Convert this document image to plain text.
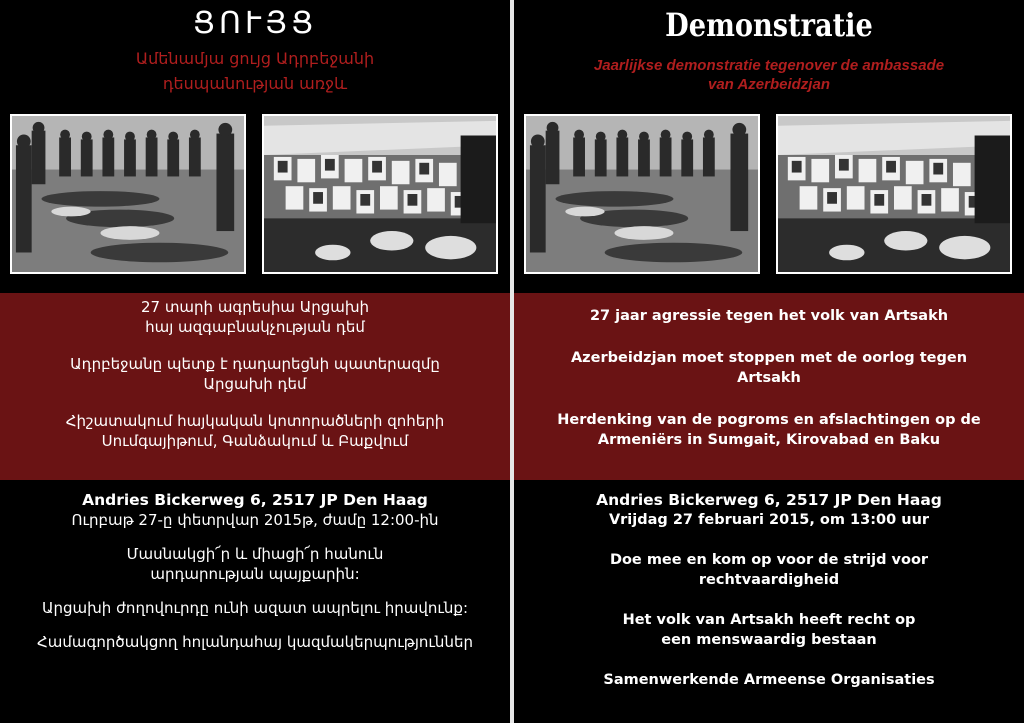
ՑՈՒՅՑ
Ամենամյա ցույց Ադրբեջանի
դեսպանության առջև
27 տարի ագրեսիա Արցախի
հայ ազգաբնակչության դեմ
Ադրբեջանը պետք է դադարեցնի պատերազմը
Արցախի դեմ
Հիշատակում հայկական կոտորածների զոհերի
Սումգայիթում, Գանձակում և Բաքվում
Andries Bickerweg 6, 2517 JP Den Haag
Ուրբաթ 27-ը փետրվար 2015թ, ժամը 12:00-ին
Մասնակցի՜ր և միացի՜ր հանուն
արդարության պայքարին:
Արցախի ժողովուրդը ունի ազատ ապրելու իրավունք:
Համագործակցող հոլանդահայ կազմակերպություններ
Demonstratie
Jaarlijkse demonstratie tegenover de ambassade
van Azerbeidzjan
27 jaar agressie tegen het volk van Artsakh
Azerbeidzjan moet stoppen met de oorlog tegen
Artsakh
Herdenking van de pogroms en afslachtingen op de
Armeniërs in Sumgait, Kirovabad en Baku
Andries Bickerweg 6, 2517 JP Den Haag
Vrijdag 27 februari 2015, om 13:00 uur
Doe mee en kom op voor de strijd voor
rechtvaardigheid
Het volk van Artsakh heeft recht op
een menswaardig bestaan
Samenwerkende Armeense Organisaties
